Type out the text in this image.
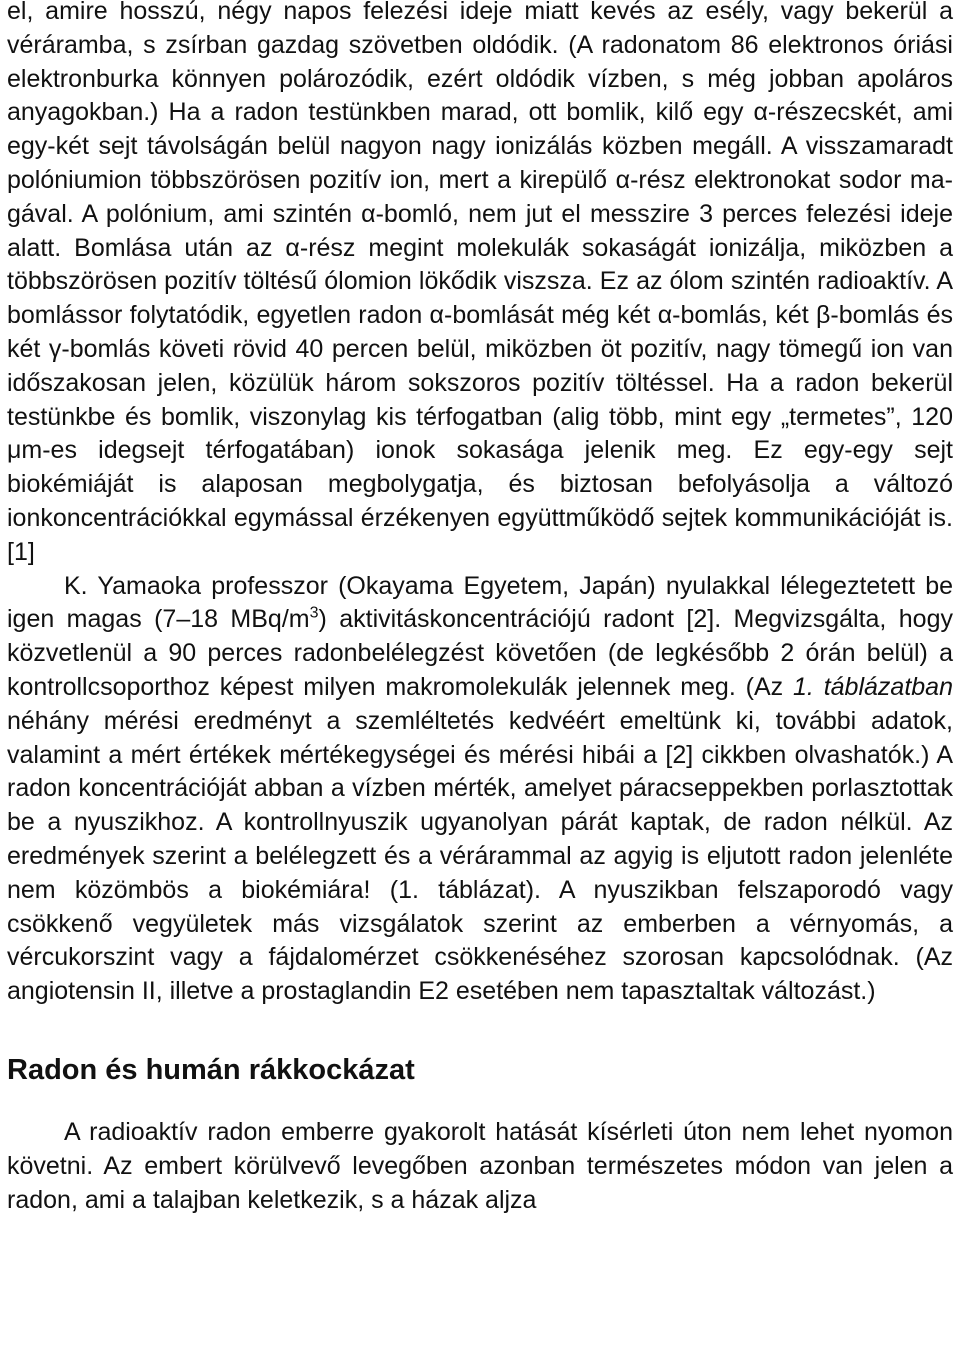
el, amire hosszú, négy napos felezési ideje miatt kevés az esély, vagy bekerül a véráramba, s zsírban gazdag szövetben oldódik. (A radonatom 86 elektronos óriási elektronburka könnyen polározódik, ezért oldódik vízben, s még jobban apoláros anyagokban.) Ha a radon testünkben marad, ott bomlik, kilő egy α-részecskét, ami egy-két sejt távolságán belül nagyon nagy ionizálás közben megáll. A visszamaradt polóniumion többszörösen pozitív ion, mert a kirepülő α-rész elektronokat sodor magával. A polónium, ami szintén α-bomló, nem jut el messzire 3 perces felezési ideje alatt. Bomlása után az α-rész megint molekulák sokaságát ionizálja, miközben a többszörösen pozitív töltésű ólomion lökődik viszsza. Ez az ólom szintén radioaktív. A bomlássor folytatódik, egyetlen radon α-bomlását még két α-bomlás, két β-bomlás és két γ-bomlás követi rövid 40 percen belül, miközben öt pozitív, nagy tömegű ion van időszakosan jelen, közülük három sokszoros pozitív töltéssel. Ha a radon bekerül testünkbe és bomlik, viszonylag kis térfogatban (alig több, mint egy „termetes”, 120 μm-es idegsejt térfogatában) ionok sokasága jelenik meg. Ez egy-egy sejt biokémiáját is alaposan megbolygatja, és biztosan befolyásolja a változó ionkoncentrációkkal egymással érzékenyen együttműködő sejtek kommunikációját is. [1]

K. Yamaoka professzor (Okayama Egyetem, Japán) nyulakkal lélegeztetett be igen magas (7–18 MBq/$m^3$) aktivitáskoncentrációjú radont [2]. Megvizsgálta, hogy közvetlenül a 90 perces radonbelélegzést követően (de legkésőbb 2 órán belül) a kontrollcsoporthoz képest milyen makromolekulák jelennek meg. (Az 1. táblázatban néhány mérési eredményt a szemléltetés kedvéért emeltünk ki, további adatok, valamint a mért értékek mértékegységei és mérési hibái a [2] cikkben olvashatók.) A radon koncentrációját abban a vízben mérték, amelyet páracseppekben porlasztottak be a nyuszikhoz. A kontrollnyuszik ugyanolyan párát kaptak, de radon nélkül. Az eredmények szerint a belélegzett és a vérárammal az agyig is eljutott radon jelenléte nem közömbös a biokémiára! (1. táblázat). A nyuszikban felszaporodó vagy csökkenő vegyületek más vizsgálatok szerint az emberben a vérnyomás, a vércukorszint vagy a fájdalomérzet csökkenéséhez szorosan kapcsolódnak. (Az angiotensin II, illetve a prostaglandin E2 esetében nem tapasztaltak változást.)

Radon és humán rákkockázat

A radioaktív radon emberre gyakorolt hatását kísérleti úton nem lehet nyomon követni. Az embert körülvevő levegőben azonban természetes módon van jelen a radon, ami a talajban keletkezik, s a házak aljza
